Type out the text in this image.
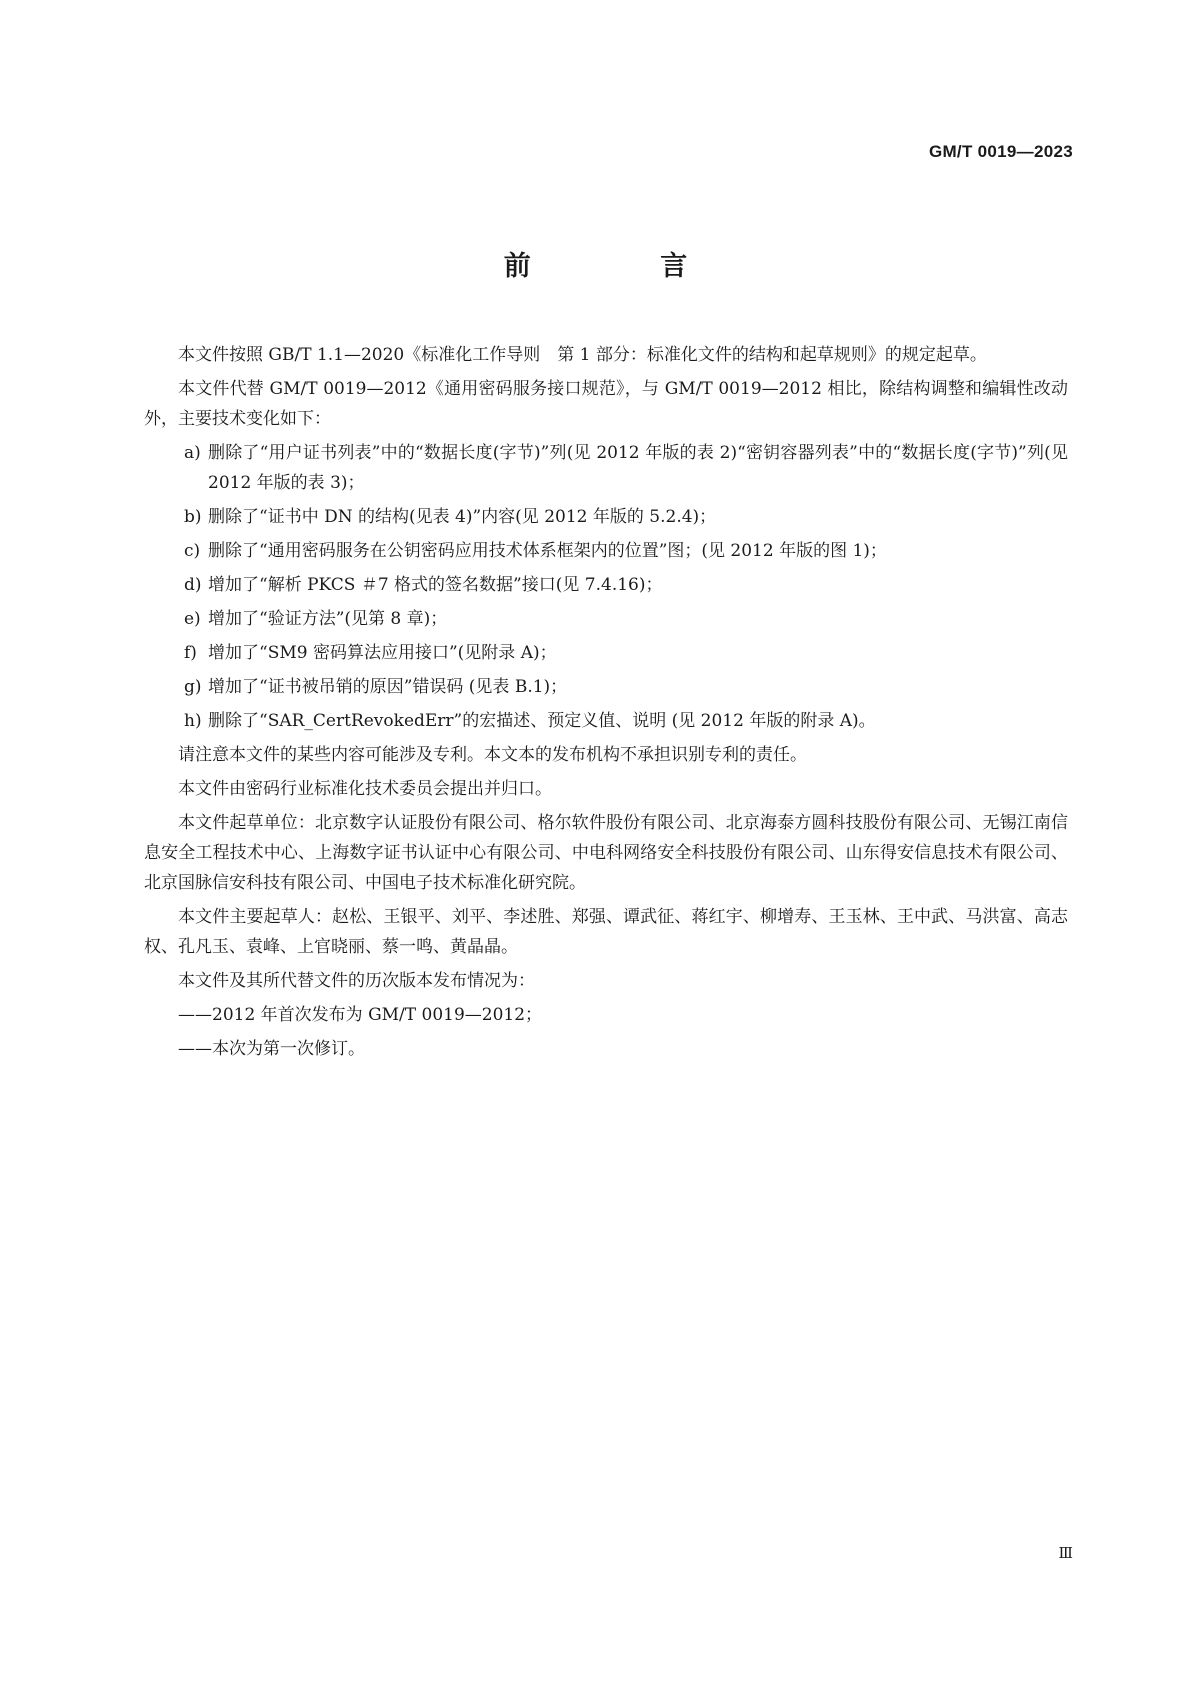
GM/T 0019—2023
前 言

本文件按照 GB/T 1.1—2020《标准化工作导则　第 1 部分：标准化文件的结构和起草规则》的规定起草。

本文件代替 GM/T 0019—2012《通用密码服务接口规范》，与 GM/T 0019—2012 相比，除结构调整和编辑性改动外，主要技术变化如下：

a) 删除了“用户证书列表”中的“数据长度(字节)”列(见 2012 年版的表 2)“密钥容器列表”中的“数据长度(字节)”列(见 2012 年版的表 3)；
b) 删除了“证书中 DN 的结构(见表 4)”内容(见 2012 年版的 5.2.4)；
c) 删除了“通用密码服务在公钥密码应用技术体系框架内的位置”图；(见 2012 年版的图 1)；
d) 增加了“解析 PKCS ＃7 格式的签名数据”接口(见 7.4.16)；
e) 增加了“验证方法”(见第 8 章)；
f) 增加了“SM9 密码算法应用接口”(见附录 A)；
g) 增加了“证书被吊销的原因”错误码 (见表 B.1)；
h) 删除了“SAR_CertRevokedErr”的宏描述、预定义值、说明 (见 2012 年版的附录 A)。

请注意本文件的某些内容可能涉及专利。本文本的发布机构不承担识别专利的责任。

本文件由密码行业标准化技术委员会提出并归口。

本文件起草单位：北京数字认证股份有限公司、格尔软件股份有限公司、北京海泰方圆科技股份有限公司、无锡江南信息安全工程技术中心、上海数字证书认证中心有限公司、中电科网络安全科技股份有限公司、山东得安信息技术有限公司、北京国脉信安科技有限公司、中国电子技术标准化研究院。

本文件主要起草人：赵松、王银平、刘平、李述胜、郑强、谭武征、蒋红宇、柳增寿、王玉林、王中武、马洪富、高志权、孔凡玉、袁峰、上官晓丽、蔡一鸣、黄晶晶。

本文件及其所代替文件的历次版本发布情况为：

——2012 年首次发布为 GM/T 0019—2012；

——本次为第一次修订。

Ⅲ
